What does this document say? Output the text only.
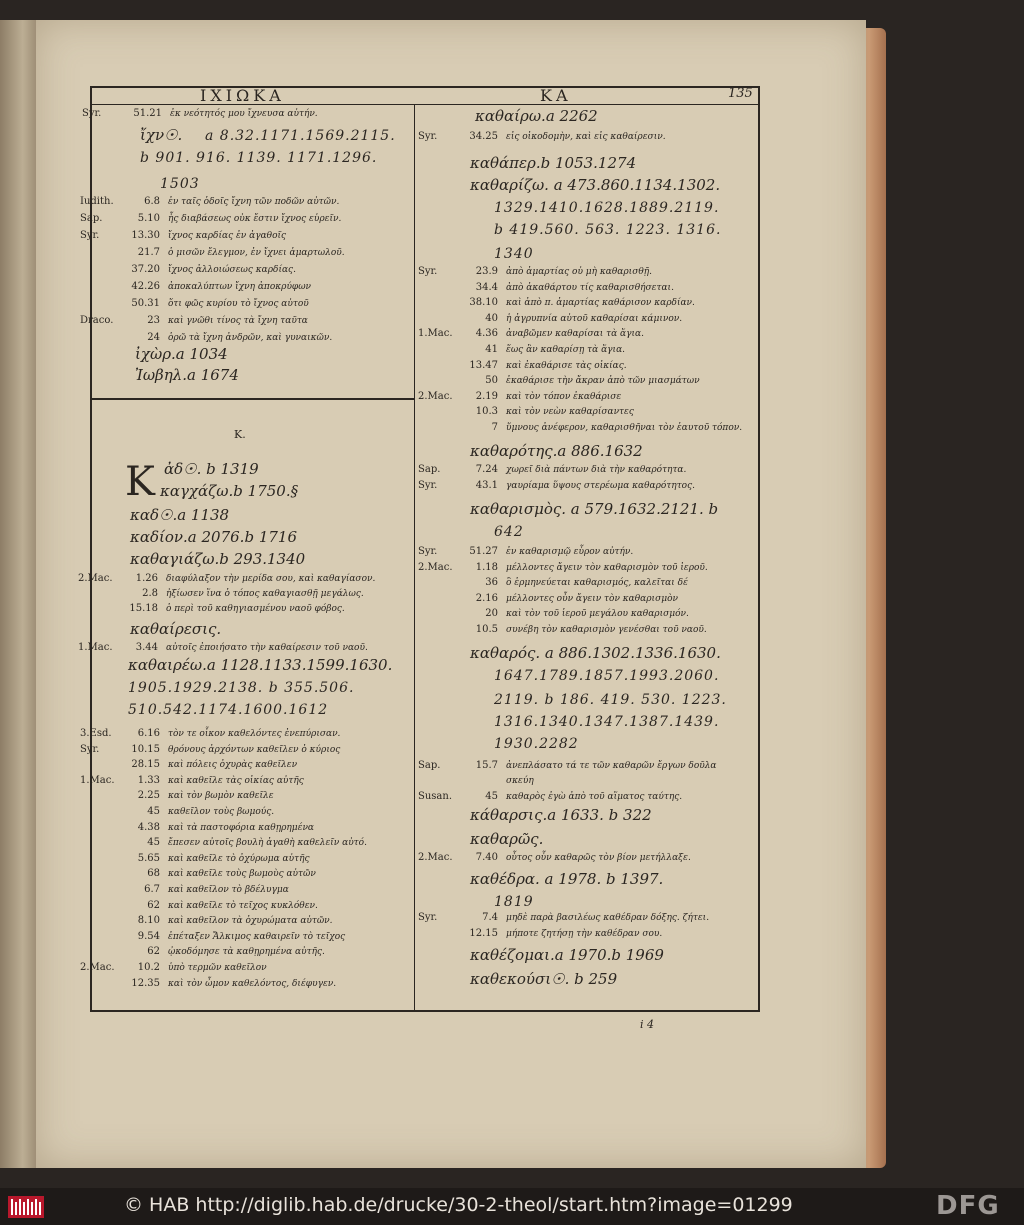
ΙΧΙΩΚΑ	ΚΑ	135
i 4
Syr.	51.21 ἐκ νεότητός μου ἴχνευσα αὐτήν.
ἴχν☉. a 8.32.1171.1569.2115.
b 901. 916. 1139. 1171.1296.
1503
Iudith.	6.8 ἐν ταῖς ὁδοῖς ἴχνη τῶν ποδῶν αὐτῶν.
Sap.	5.10 ἧς διαβάσεως οὐκ ἔστιν ἴχνος εὑρεῖν.
Syr.	13.30 ἴχνος καρδίας ἐν ἀγαθοῖς
21.7 ὁ μισῶν ἔλεγμον, ἐν ἴχνει ἁμαρτωλοῦ.
37.20 ἴχνος ἀλλοιώσεως καρδίας.
42.26 ἀποκαλύπτων ἴχνη ἀποκρύφων
50.31 ὅτι φῶς κυρίου τὸ ἴχνος αὐτοῦ
Draco.	23 καὶ γνῶθι τίνος τὰ ἴχνη ταῦτα
24 ὁρῶ τὰ ἴχνη ἀνδρῶν, καὶ γυναικῶν.
ἰχὼρ.a 1034
Ἰωβηλ.a 1674
K.
K ἀδ☉. b 1319
καγχάζω.b 1750.§
καδ☉.a 1138
καδίον.a 2076.b 1716
καθαγιάζω.b 293.1340
2.Mac.	1.26 διαφύλαξον τὴν μερίδα σου, καὶ καθαγίασον.
2.8 ἠξίωσεν ἵνα ὁ τόπος καθαγιασθῇ μεγάλως.
15.18 ὁ περὶ τοῦ καθηγιασμένου ναοῦ φόβος.
καθαίρεσις.
1.Mac.	3.44 αὐτοῖς ἐποιήσατο τὴν καθαίρεσιν τοῦ ναοῦ.
καθαιρέω.a 1128.1133.1599.1630.
1905.1929.2138. b 355.506.
510.542.1174.1600.1612
3.Esd.	6.16 τὸν τε οἶκον καθελόντες ἐνεπύρισαν.
Syr.	10.15 θρόνους ἀρχόντων καθεῖλεν ὁ κύριος
28.15 καὶ πόλεις ὀχυρὰς καθεῖλεν
1.Mac.	1.33 καὶ καθεῖλε τὰς οἰκίας αὐτῆς
2.25 καὶ τὸν βωμὸν καθεῖλε
45 καθεῖλον τοὺς βωμούς.
4.38 καὶ τὰ παστοφόρια καθῃρημένα
45 ἔπεσεν αὐτοῖς βουλὴ ἀγαθὴ καθελεῖν αὐτό.
5.65 καὶ καθεῖλε τὸ ὀχύρωμα αὐτῆς
68 καὶ καθεῖλε τοὺς βωμοὺς αὐτῶν
6.7 καὶ καθεῖλον τὸ βδέλυγμα
62 καὶ καθεῖλε τὸ τεῖχος κυκλόθεν.
8.10 καὶ καθεῖλον τὰ ὀχυρώματα αὐτῶν.
9.54 ἐπέταξεν Ἄλκιμος καθαιρεῖν τὸ τεῖχος
62 ᾠκοδόμησε τὰ καθῃρημένα αὐτῆς.
2.Mac.	10.2 ὑπὸ τερμῶν καθεῖλον
12.35 καὶ τὸν ὦμον καθελόντος, διέφυγεν.
καθαίρω.a 2262
Syr.	34.25 εἰς οἰκοδομὴν, καὶ εἰς καθαίρεσιν.
καθάπερ.b 1053.1274
καθαρίζω. a 473.860.1134.1302.
1329.1410.1628.1889.2119.
b 419.560. 563. 1223. 1316.
1340
Syr.	23.9 ἀπὸ ἁμαρτίας οὐ μὴ καθαρισθῇ.
34.4 ἀπὸ ἀκαθάρτου τίς καθαρισθήσεται.
38.10 καὶ ἀπὸ π. ἁμαρτίας καθάρισον καρδίαν.
40 ἡ ἀγρυπνία αὐτοῦ καθαρίσαι κάμινον.
1.Mac.	4.36 ἀναβῶμεν καθαρίσαι τὰ ἅγια.
41 ἕως ἂν καθαρίσῃ τὰ ἅγια.
13.47 καὶ ἐκαθάρισε τὰς οἰκίας.
50 ἐκαθάρισε τὴν ἄκραν ἀπὸ τῶν μιασμάτων
2.Mac.	2.19 καὶ τὸν τόπον ἐκαθάρισε
10.3 καὶ τὸν νεὼν καθαρίσαντες
7 ὕμνους ἀνέφερον, καθαρισθῆναι τὸν ἑαυτοῦ τόπον.
καθαρότης.a 886.1632
Sap.	7.24 χωρεῖ διὰ πάντων διὰ τὴν καθαρότητα.
Syr.	43.1 γαυρίαμα ὕψους στερέωμα καθαρότητος.
καθαρισμὸς. a 579.1632.2121. b
642
Syr.	51.27 ἐν καθαρισμῷ εὗρον αὐτήν.
2.Mac.	1.18 μέλλοντες ἄγειν τὸν καθαρισμὸν τοῦ ἱεροῦ.
36 ὃ ἑρμηνεύεται καθαρισμός, καλεῖται δέ
2.16 μέλλοντες οὖν ἄγειν τὸν καθαρισμὸν
20 καὶ τὸν τοῦ ἱεροῦ μεγάλου καθαρισμόν.
10.5 συνέβη τὸν καθαρισμὸν γενέσθαι τοῦ ναοῦ.
καθαρός. a 886.1302.1336.1630.
1647.1789.1857.1993.2060.
2119. b 186. 419. 530. 1223.
1316.1340.1347.1387.1439.
1930.2282
Sap.	15.7 ἀνεπλάσατο τά τε τῶν καθαρῶν ἔργων δοῦλα
σκεύη
Susan.	45 καθαρὸς ἐγὼ ἀπὸ τοῦ αἵματος ταύτης.
κάθαρσις.a 1633. b 322
καθαρῶς.
2.Mac.	7.40 οὗτος οὖν καθαρῶς τὸν βίον μετήλλαξε.
καθέδρα. a 1978. b 1397.
1819
Syr.	7.4 μηδὲ παρὰ βασιλέως καθέδραν δόξης. ζήτει.
12.15 μήποτε ζητήσῃ τὴν καθέδραν σου.
καθέζομαι.a 1970.b 1969
καθεκούσι☉. b 259
© HAB http://diglib.hab.de/drucke/30-2-theol/start.htm?image=01299	DFG
